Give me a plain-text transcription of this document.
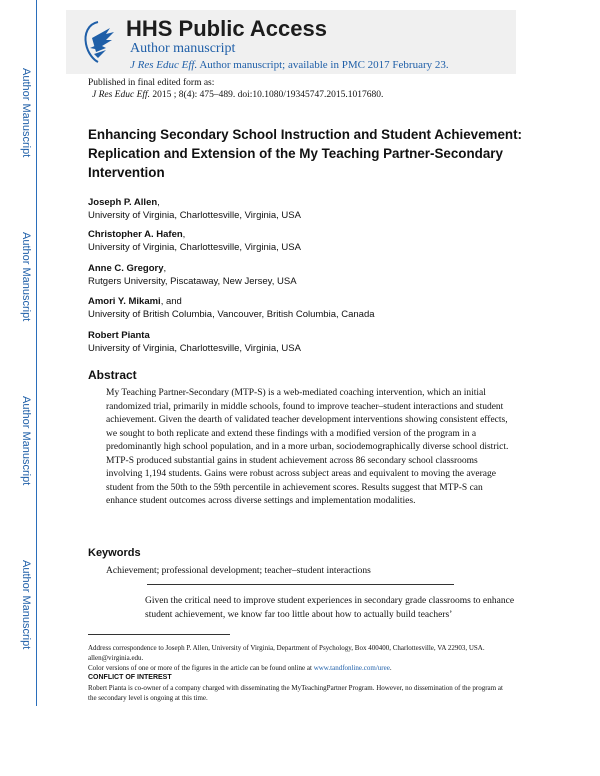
Author Manuscript
Author Manuscript
Author Manuscript
Author Manuscript
HHS Public Access
Author manuscript
J Res Educ Eff. Author manuscript; available in PMC 2017 February 23.
Published in final edited form as:
J Res Educ Eff. 2015 ; 8(4): 475–489. doi:10.1080/19345747.2015.1017680.
Enhancing Secondary School Instruction and Student Achievement: Replication and Extension of the My Teaching Partner-Secondary Intervention
Joseph P. Allen,
University of Virginia, Charlottesville, Virginia, USA
Christopher A. Hafen,
University of Virginia, Charlottesville, Virginia, USA
Anne C. Gregory,
Rutgers University, Piscataway, New Jersey, USA
Amori Y. Mikami, and
University of British Columbia, Vancouver, British Columbia, Canada
Robert Pianta
University of Virginia, Charlottesville, Virginia, USA
Abstract
My Teaching Partner-Secondary (MTP-S) is a web-mediated coaching intervention, which an initial randomized trial, primarily in middle schools, found to improve teacher–student interactions and student achievement. Given the dearth of validated teacher development interventions showing consistent effects, we sought to both replicate and extend these findings with a modified version of the program in a predominantly high school population, and in a more urban, sociodemographically diverse school district. MTP-S produced substantial gains in student achievement across 86 secondary school classrooms involving 1,194 students. Gains were robust across subject areas and equivalent to moving the average student from the 50th to the 59th percentile in achievement scores. Results suggest that MTP-S can enhance student outcomes across diverse settings and implementation modalities.
Keywords
Achievement; professional development; teacher–student interactions
Given the critical need to improve student experiences in secondary grade classrooms to enhance student achievement, we know far too little about how to actually build teachers’
Address correspondence to Joseph P. Allen, University of Virginia, Department of Psychology, Box 400400, Charlottesville, VA 22903, USA. allen@virginia.edu.
Color versions of one or more of the figures in the article can be found online at www.tandfonline.com/uree.
CONFLICT OF INTEREST
Robert Pianta is co-owner of a company charged with disseminating the MyTeachingPartner Program. However, no dissemination of the program at the secondary level is ongoing at this time.
